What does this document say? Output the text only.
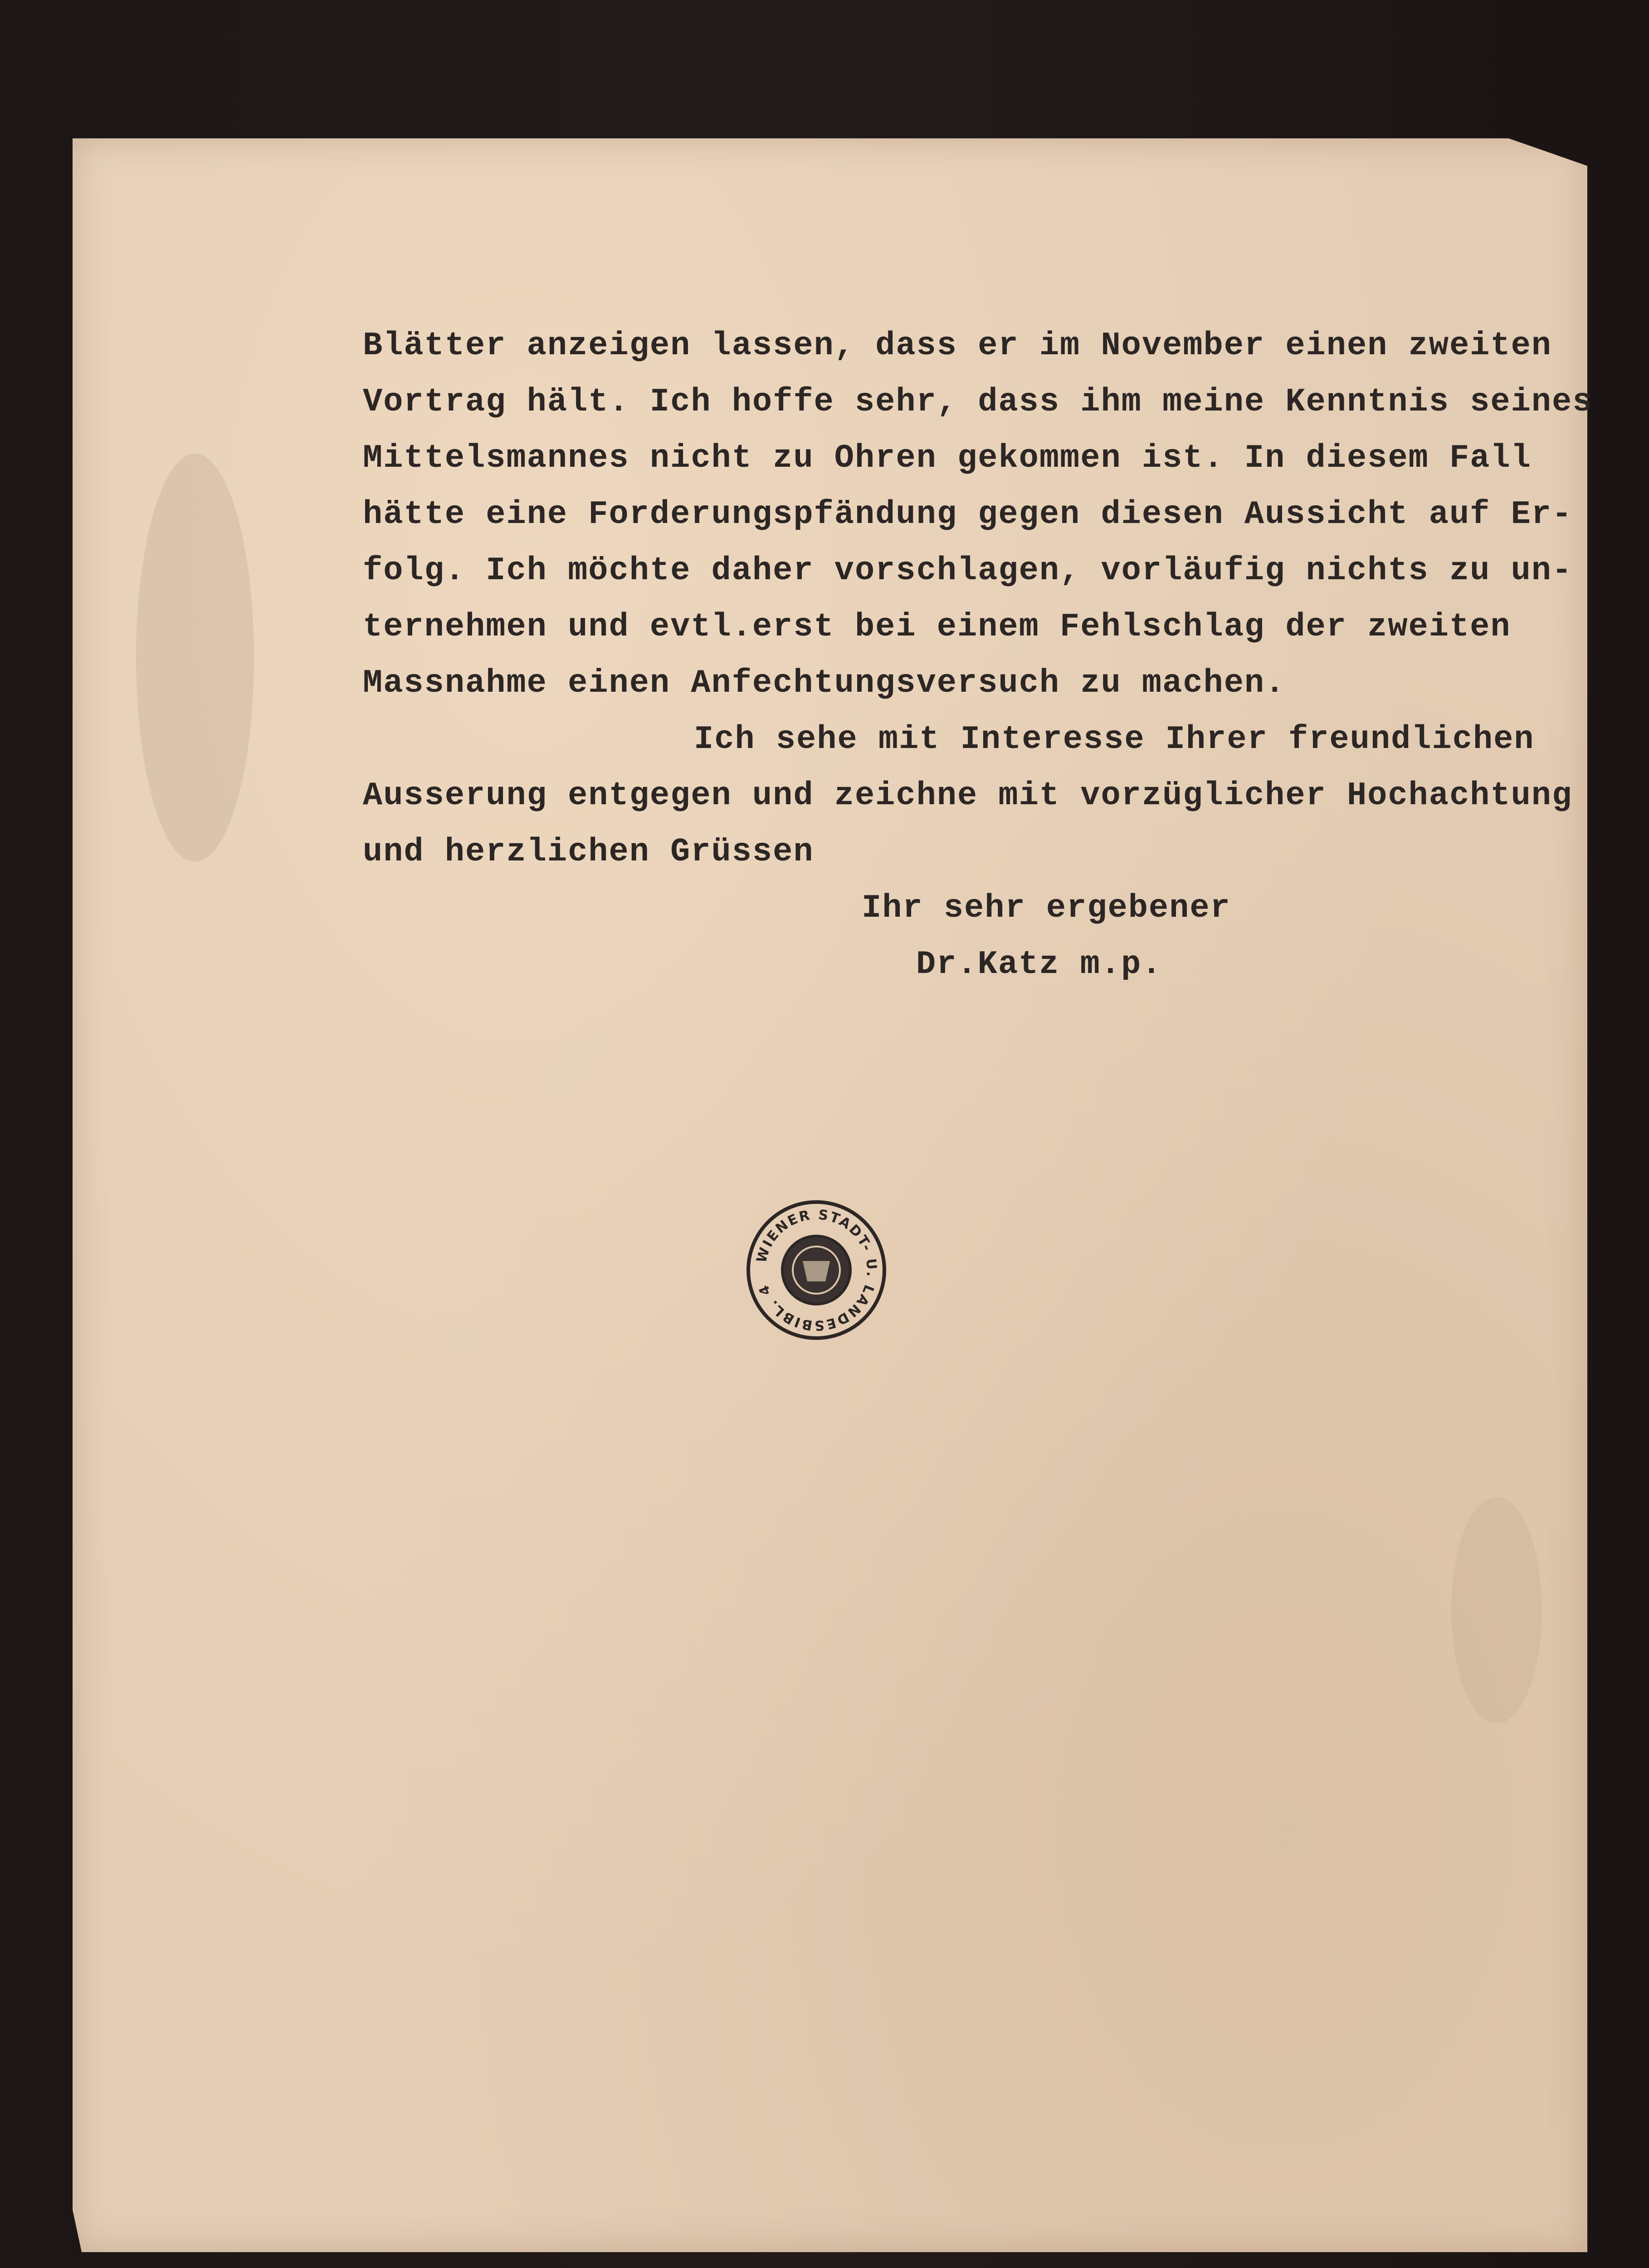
Blätter anzeigen lassen, dass er im November einen zweiten
Vortrag hält. Ich hoffe sehr, dass ihm meine Kenntnis seines
Mittelsmannes nicht zu Ohren gekommen ist. In diesem Fall
hätte eine Forderungspfändung gegen diesen Aussicht auf Er-
folg. Ich möchte daher vorschlagen, vorläufig nichts zu un-
ternehmen und evtl.erst bei einem Fehlschlag der zweiten
Massnahme einen Anfechtungsversuch zu machen.
Ich sehe mit Interesse Ihrer freundlichen
Ausserung entgegen und zeichne mit vorzüglicher Hochachtung
und herzlichen Grüssen
Ihr sehr ergebener
Dr.Katz m.p.
WIENER STADT- U. LANDESBIBL. 4
